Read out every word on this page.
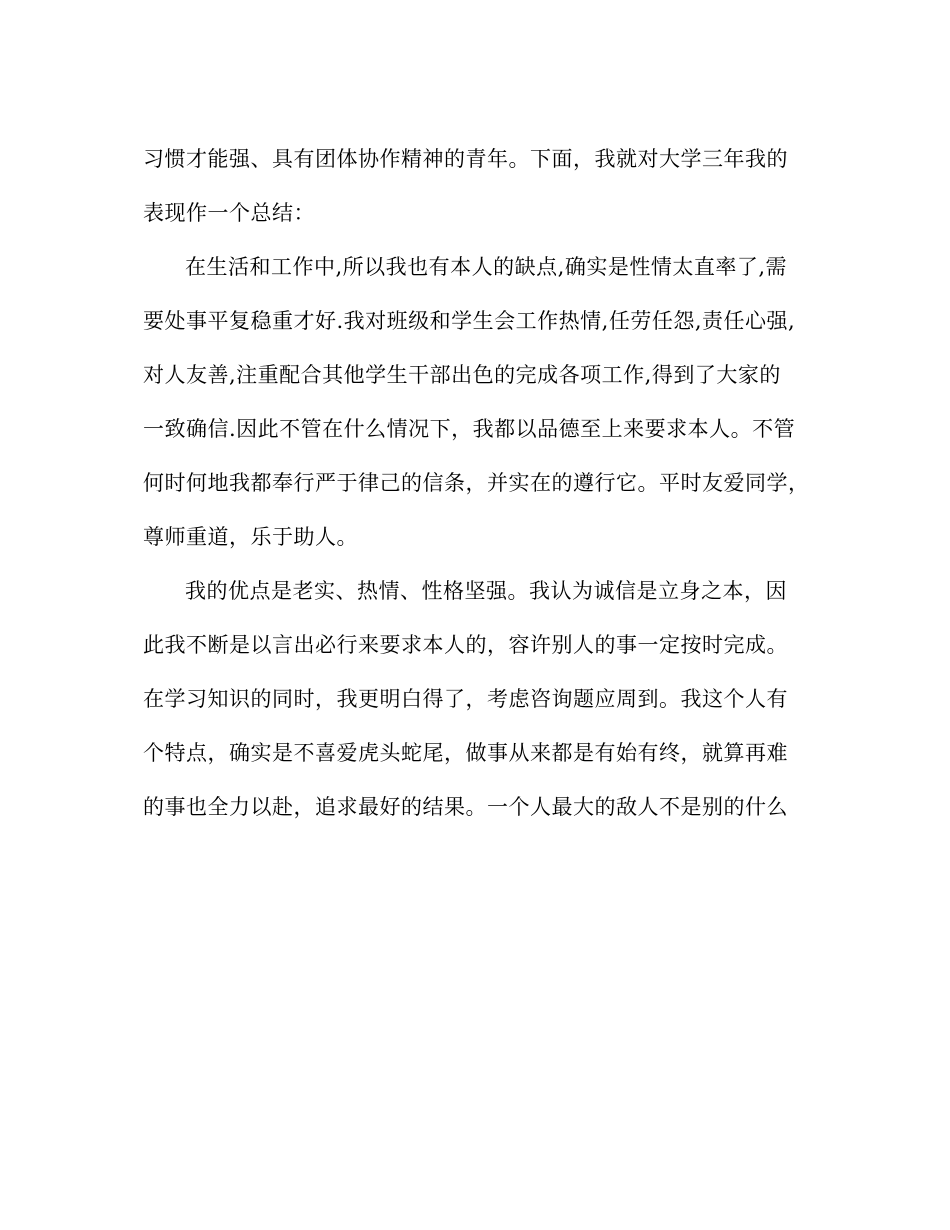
习惯才能强、具有团体协作精神的青年。下面，我就对大学三年我的
表现作一个总结：
在生活和工作中,所以我也有本人的缺点,确实是性情太直率了,需
要处事平复稳重才好.我对班级和学生会工作热情,任劳任怨,责任心强,
对人友善,注重配合其他学生干部出色的完成各项工作,得到了大家的
一致确信.因此不管在什么情况下，我都以品德至上来要求本人。不管
何时何地我都奉行严于律己的信条，并实在的遵行它。平时友爱同学，
尊师重道，乐于助人。
我的优点是老实、热情、性格坚强。我认为诚信是立身之本，因
此我不断是以言出必行来要求本人的，容许别人的事一定按时完成。
在学习知识的同时，我更明白得了，考虑咨询题应周到。我这个人有
个特点，确实是不喜爱虎头蛇尾，做事从来都是有始有终，就算再难
的事也全力以赴，追求最好的结果。一个人最大的敌人不是别的什么
